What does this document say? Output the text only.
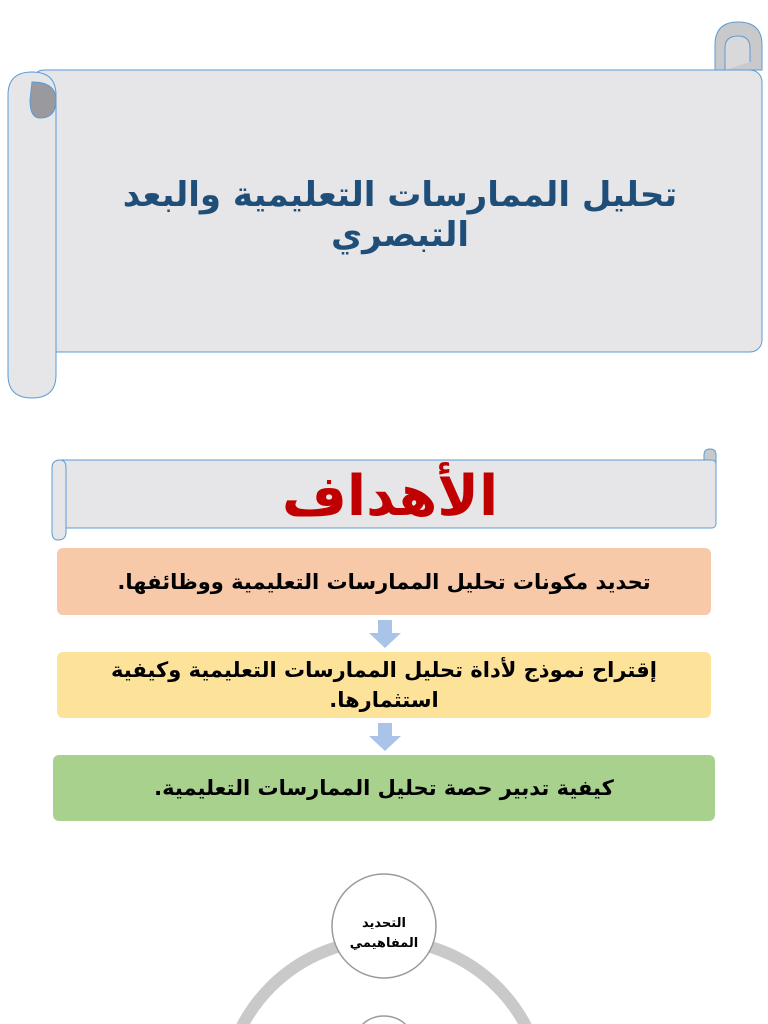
تحليل الممارسات التعليمية والبعد التبصري
الأهداف
تحديد مكونات تحليل الممارسات التعليمية ووظائفها.
إقتراح نموذج لأداة تحليل الممارسات التعليمية وكيفية استثمارها.
كيفية تدبير حصة تحليل الممارسات التعليمية.
التحديد المفاهيمي
